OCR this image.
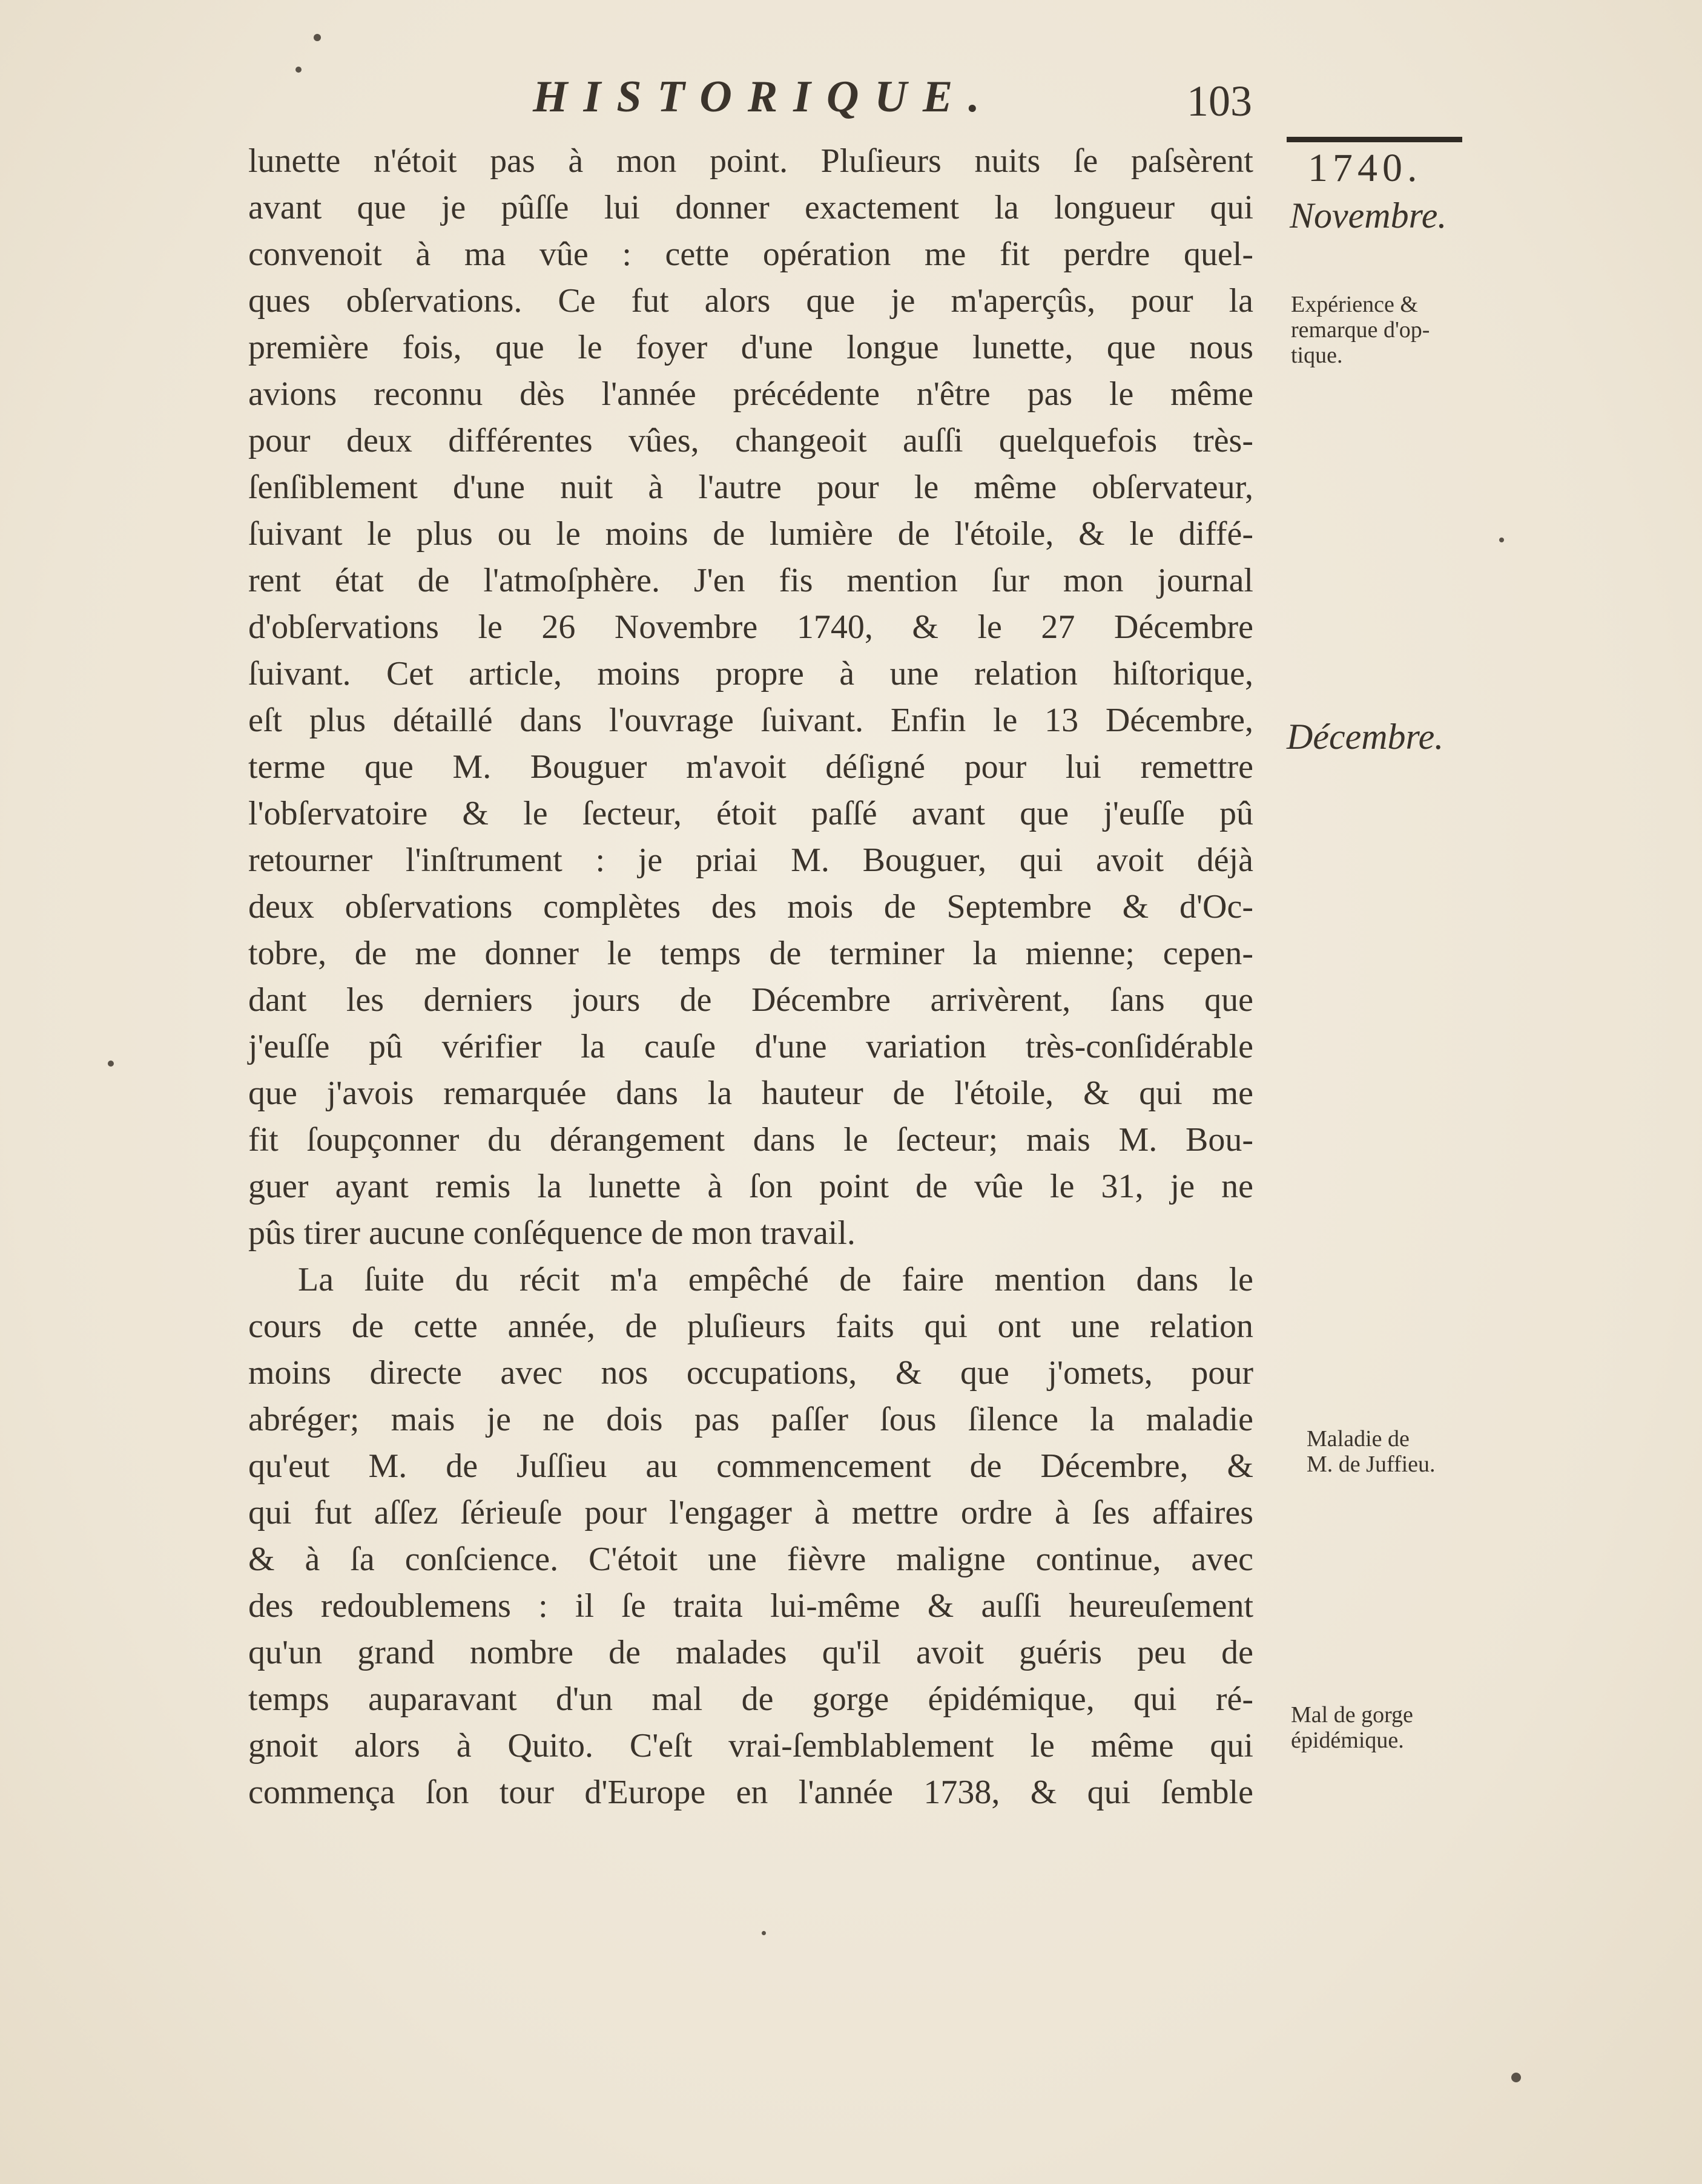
HISTORIQUE.	103
1740.
Novembre.
Expérience &
remarque d'op-
tique.
Décembre.
Maladie de
M. de Juffieu.
Mal de gorge
épidémique.
lunette n'étoit pas à mon point. Pluſieurs nuits ſe paſsèrent
avant que je pûſſe lui donner exactement la longueur qui
convenoit à ma vûe : cette opération me fit perdre quel-
ques obſervations. Ce fut alors que je m'aperçûs, pour la
première fois, que le foyer d'une longue lunette, que nous
avions reconnu dès l'année précédente n'être pas le même
pour deux différentes vûes, changeoit auſſi quelquefois très-
ſenſiblement d'une nuit à l'autre pour le même obſervateur,
ſuivant le plus ou le moins de lumière de l'étoile, & le diffé-
rent état de l'atmoſphère. J'en fis mention ſur mon journal
d'obſervations le 26 Novembre 1740, & le 27 Décembre
ſuivant. Cet article, moins propre à une relation hiſtorique,
eſt plus détaillé dans l'ouvrage ſuivant. Enfin le 13 Décembre,
terme que M. Bouguer m'avoit déſigné pour lui remettre
l'obſervatoire & le ſecteur, étoit paſſé avant que j'euſſe pû
retourner l'inſtrument : je priai M. Bouguer, qui avoit déjà
deux obſervations complètes des mois de Septembre & d'Oc-
tobre, de me donner le temps de terminer la mienne; cepen-
dant les derniers jours de Décembre arrivèrent, ſans que
j'euſſe pû vérifier la cauſe d'une variation très-conſidérable
que j'avois remarquée dans la hauteur de l'étoile, & qui me
fit ſoupçonner du dérangement dans le ſecteur; mais M. Bou-
guer ayant remis la lunette à ſon point de vûe le 31, je ne
pûs tirer aucune conſéquence de mon travail.
La ſuite du récit m'a empêché de faire mention dans le
cours de cette année, de pluſieurs faits qui ont une relation
moins directe avec nos occupations, & que j'omets, pour
abréger; mais je ne dois pas paſſer ſous ſilence la maladie
qu'eut M. de Juſſieu au commencement de Décembre, &
qui fut aſſez ſérieuſe pour l'engager à mettre ordre à ſes affaires
& à ſa conſcience. C'étoit une fièvre maligne continue, avec
des redoublemens : il ſe traita lui-même & auſſi heureuſement
qu'un grand nombre de malades qu'il avoit guéris peu de
temps auparavant d'un mal de gorge épidémique, qui ré-
gnoit alors à Quito. C'eſt vrai-ſemblablement le même qui
commença ſon tour d'Europe en l'année 1738, & qui ſemble
